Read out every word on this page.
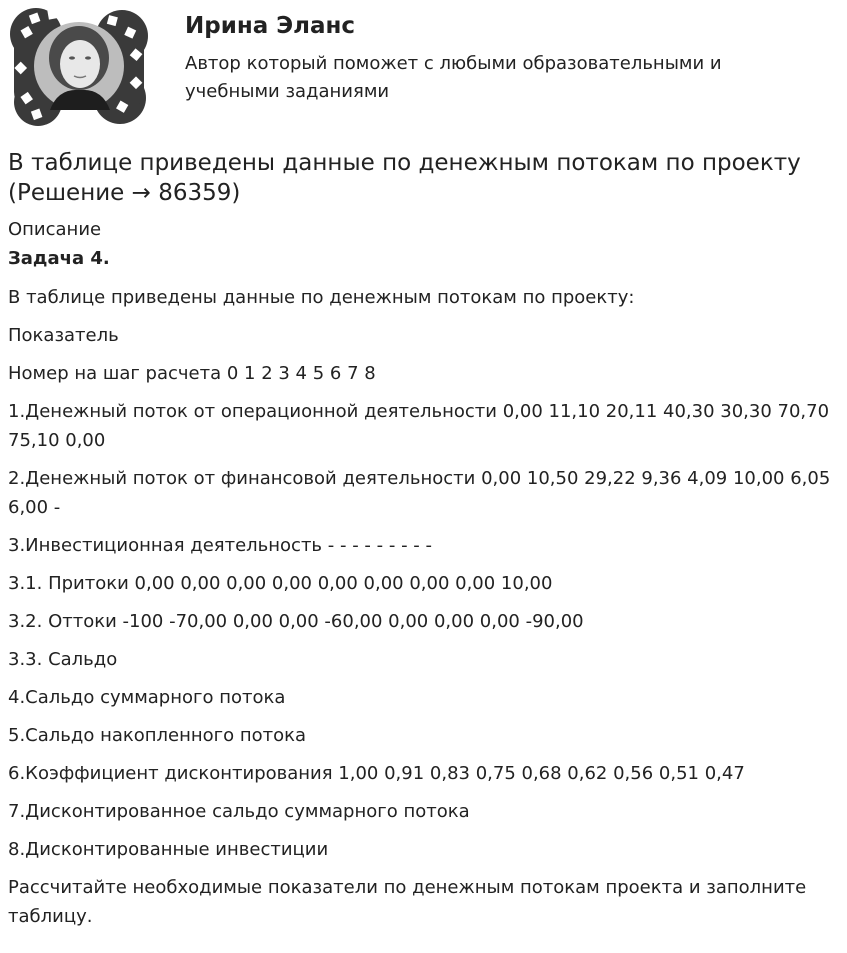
Ирина Эланс

Автор который поможет с любыми образовательными и учебными заданиями

В таблице приведены данные по денежным потокам по проекту (Решение → 86359)
Описание
Задача 4.

В таблице приведены данные по денежным потокам по проекту:

Показатель

Номер на шаг расчета 0 1 2 3 4 5 6 7 8

1.Денежный поток от операционной деятельности 0,00 11,10 20,11 40,30 30,30 70,70 75,10 0,00

2.Денежный поток от финансовой деятельности 0,00 10,50 29,22 9,36 4,09 10,00 6,05 6,00 -

3.Инвестиционная деятельность - - - - - - - - -

3.1. Притоки 0,00 0,00 0,00 0,00 0,00 0,00 0,00 0,00 10,00

3.2. Оттоки -100 -70,00 0,00 0,00 -60,00 0,00 0,00 0,00 -90,00

3.3. Сальдо

4.Сальдо суммарного потока

5.Сальдо накопленного потока

6.Коэффициент дисконтирования 1,00 0,91 0,83 0,75 0,68 0,62 0,56 0,51 0,47

7.Дисконтированное сальдо суммарного потока

8.Дисконтированные инвестиции

Рассчитайте необходимые показатели по денежным потокам проекта и заполните таблицу.
